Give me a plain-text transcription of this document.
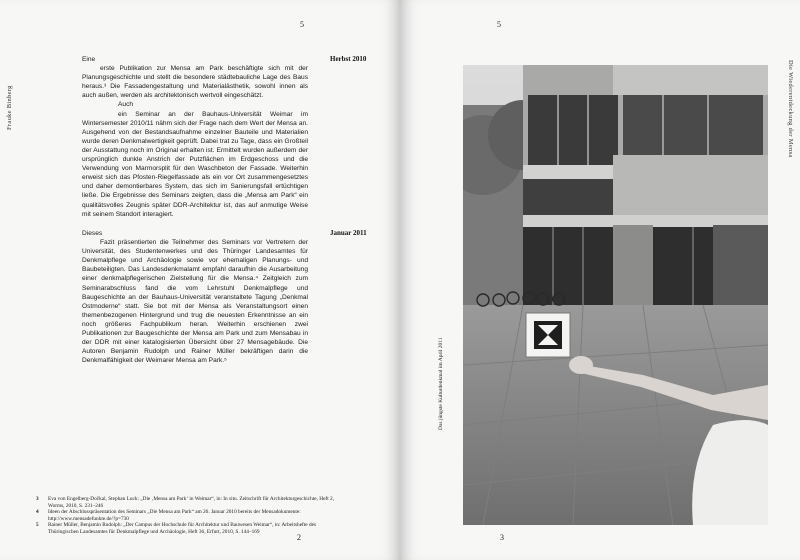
5
Frauke Binberg
Herbst 2010

Eine
erste Publikation zur Mensa am Park beschäftigte sich mit der Planungsgeschichte und stellt die besondere städtebauliche Lage des Baus heraus.³ Die Fassadengestaltung und Materialästhetik, sowohl innen als auch außen, werden als architektonisch wertvoll eingeschätzt.

Auch
ein Seminar an der Bauhaus-Universität Weimar im Wintersemester 2010/11 nähm sich der Frage nach dem Wert der Mensa an. Ausgehend von der Bestandsaufnahme einzelner Bauteile und Materialien wurde deren Denkmalwertigkeit geprüft. Dabei trat zu Tage, dass ein Großteil der Ausstattung noch im Original erhalten ist. Ermittelt wurden außerdem der ursprünglich dunkle Anstrich der Putzflächen im Erdgeschoss und die Verwendung von Marmorsplit für den Waschbeton der Fassade. Weiterhin erweist sich das Pfosten-Riegelfassade als ein vor Ort zusammengesetztes und daher demontierbares System, das sich im Sanierungsfall ertüchtigen ließe. Die Ergebnisse des Seminars zeigten, dass die „Mensa am Park“ ein qualitätsvolles Zeugnis später DDR-Architektur ist, das auf anmutige Weise mit seinem Standort interagiert.

Januar 2011

Dieses
Fazit präsentierten die Teilnehmer des Seminars vor Vertretern der Universität, des Studentenwerkes und des Thüringer Landesamtes für Denkmalpflege und Archäologie sowie vor ehemaligen Planungs- und Baubeteiligten. Das Landesdenkmalamt empfahl daraufhin die Ausarbeitung einer denkmalpflegerischen Zielstellung für die Mensa.⁴ Zeitgleich zum Seminarabschluss fand die vom Lehrstuhl Denkmalpflege und Baugeschichte an der Bauhaus-Universität veranstaltete Tagung „Denkmal Ostmoderne“ statt. Sie bot mit der Mensa als Veranstaltungsort einen themenbezogenen Hintergrund und trug die neuesten Erkenntnisse an ein noch größeres Fachpublikum heran. Weiterhin erschienen zwei Publikationen zur Baugeschichte der Mensa am Park und zum Mensabau in der DDR mit einer katalogisierten Übersicht über 27 Mensagebäude. Die Autoren Benjamin Rudolph und Rainer Müller bekräftigen darin die Denkmalfähigkeit der Weimarer Mensa am Park.⁵

3	Eva von Engelberg-Dočkal, Stephan Luck: „Die ‚Mensa am Park‘ in Weimar“, in: In situ. Zeitschrift für Architekturgeschichte, Heft 2, Worms, 2010, S. 231–246
4	Ideen der Abschlusspräsentation des Seminars „Die Mensa am Park“ am 26. Januar 2010 bereits der Mensadokumente: http://www.mensadefunkte.de/?p=730
5	Rainer Müller, Benjamin Rudolph: „Der Campus der Hochschule für Architektur und Bauwesen Weimar“, in: Arbeitshefte des Thüringischen Landesamtes für Denkmalpflege und Archäologie, Heft 36, Erfurt, 2010, S. 144–169
2
5
Die Wiederentdeckung der Mensa
Das jüngste Kulturdenkmal im April 2011
3
